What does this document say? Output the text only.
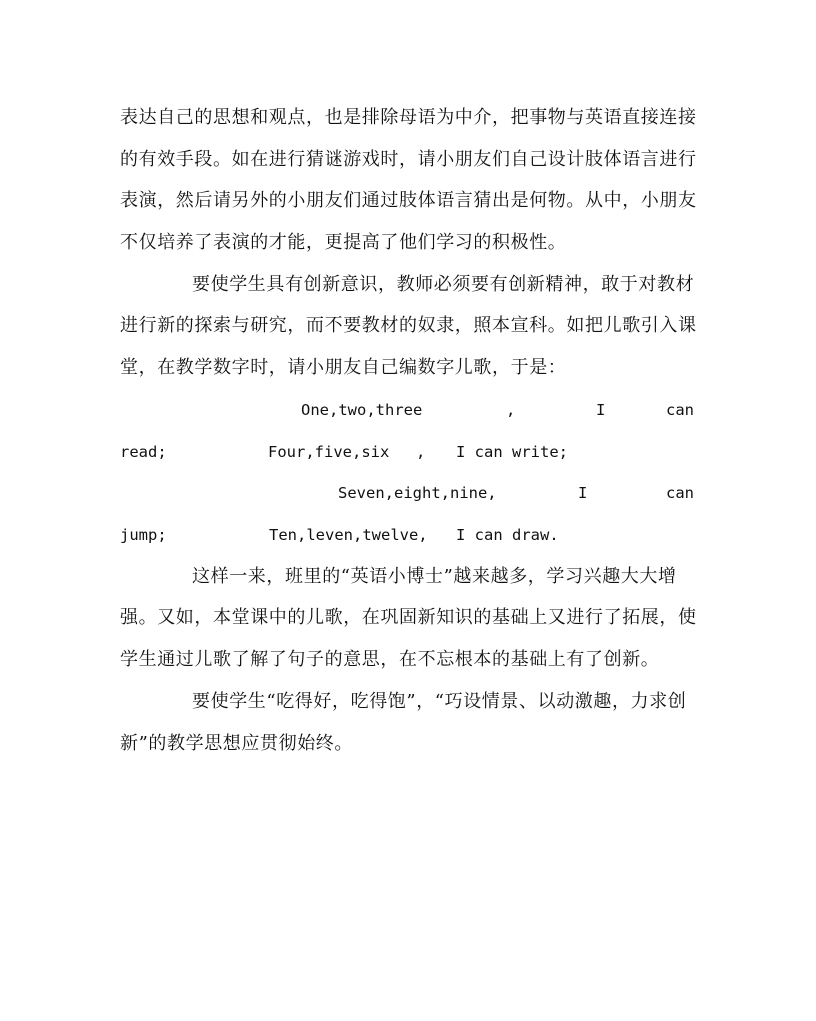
表达自己的思想和观点，也是排除母语为中介，把事物与英语直接连接
的有效手段。如在进行猜谜游戏时，请小朋友们自己设计肢体语言进行
表演，然后请另外的小朋友们通过肢体语言猜出是何物。从中，小朋友
不仅培养了表演的才能，更提高了他们学习的积极性。
要使学生具有创新意识，教师必须要有创新精神，敢于对教材
进行新的探索与研究，而不要教材的奴隶，照本宣科。如把儿歌引入课
堂，在教学数字时，请小朋友自己编数字儿歌，于是：
One,two,three	,	I	can
read;	Four,five,six , I can write;
Seven,eight,nine,	I	can
jump;	Ten,leven,twelve, I can draw.
这样一来，班里的“英语小博士”越来越多，学习兴趣大大增
强。又如，本堂课中的儿歌，在巩固新知识的基础上又进行了拓展，使
学生通过儿歌了解了句子的意思，在不忘根本的基础上有了创新。
要使学生“吃得好，吃得饱”，“巧设情景、以动激趣，力求创
新”的教学思想应贯彻始终。
